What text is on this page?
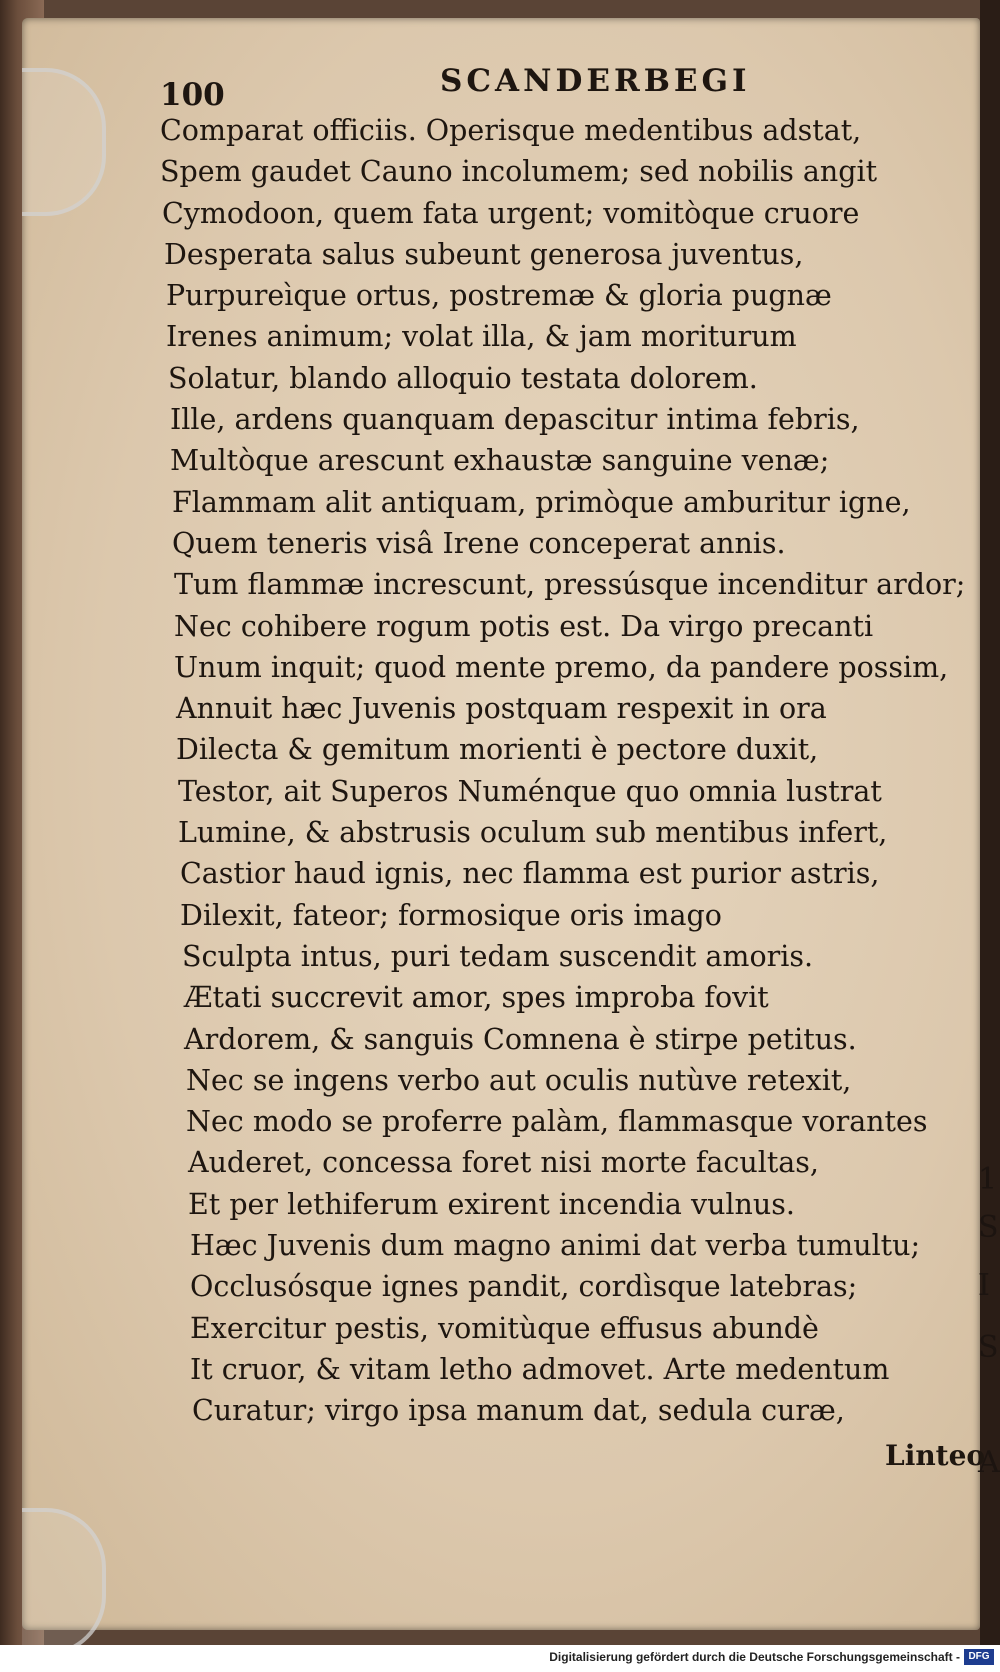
1
S
I
S
A
100	SCANDERBEGI
Comparat officiis. Operisque medentibus adstat,
Spem gaudet Cauno incolumem; sed nobilis angit
Cymodoon, quem fata urgent; vomitòque cruore
Desperata salus subeunt generosa juventus,
Purpureìque ortus, postremæ & gloria pugnæ
Irenes animum; volat illa, & jam moriturum
Solatur, blando alloquio testata dolorem.
Ille, ardens quanquam depascitur intima febris,
Multòque arescunt exhaustæ sanguine venæ;
Flammam alit antiquam, primòque amburitur igne,
Quem teneris visâ Irene conceperat annis.
Tum flammæ increscunt, pressúsque incenditur ardor;
Nec cohibere rogum potis est. Da virgo precanti
Unum inquit; quod mente premo, da pandere possim,
Annuit hæc Juvenis postquam respexit in ora
Dilecta & gemitum morienti è pectore duxit,
Testor, ait Superos Numénque quo omnia lustrat
Lumine, & abstrusis oculum sub mentibus infert,
Castior haud ignis, nec flamma est purior astris,
Dilexit, fateor; formosique oris imago
Sculpta intus, puri tedam suscendit amoris.
Ætati succrevit amor, spes improba fovit
Ardorem, & sanguis Comnena è stirpe petitus.
Nec se ingens verbo aut oculis nutùve retexit,
Nec modo se proferre palàm, flammasque vorantes
Auderet, concessa foret nisi morte facultas,
Et per lethiferum exirent incendia vulnus.
Hæc Juvenis dum magno animi dat verba tumultu;
Occlusósque ignes pandit, cordìsque latebras;
Exercitur pestis, vomitùque effusus abundè
It cruor, & vitam letho admovet. Arte medentum
Curatur; virgo ipsa manum dat, sedula curæ,
Linteo
Digitalisierung gefördert durch die Deutsche Forschungsgemeinschaft - DFG
